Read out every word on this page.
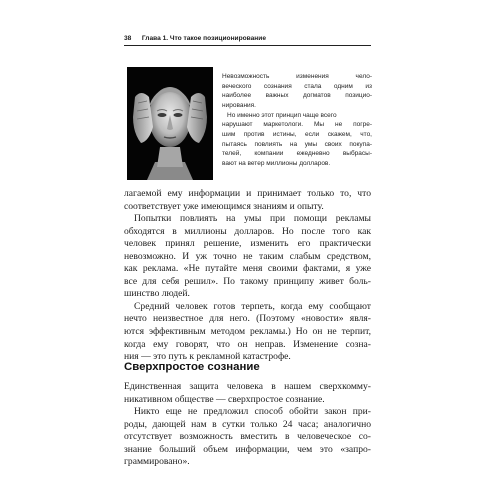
38 Глава 1. Что такое позиционирование

Невозможность изменения чело-
веческого сознания стала одним из
наиболее важных догматов позицио-
нирования.

Но именно этот принцип чаще всего
нарушают маркетологи. Мы не погре-
шим против истины, если скажем, что,
пытаясь повлиять на умы своих покупа-
телей, компании ежедневно выбрасы-
вают на ветер миллионы долларов.

лагаемой ему информации и принимает только то, что
соответствует уже имеющимся знаниям и опыту.
Попытки повлиять на умы при помощи рекламы
обходятся в миллионы долларов. Но после того как
человек принял решение, изменить его практически
невозможно. И уж точно не таким слабым средством,
как реклама. «Не путайте меня своими фактами, я уже
все для себя решил». По такому принципу живет боль-
шинство людей.
Средний человек готов терпеть, когда ему сообщают
нечто неизвестное для него. (Поэтому «новости» явля-
ются эффективным методом рекламы.) Но он не терпит,
когда ему говорят, что он неправ. Изменение созна-
ния — это путь к рекламной катастрофе.
Сверхпростое сознание
Единственная защита человека в нашем сверхкомму-
никативном обществе — сверхпростое сознание.
Никто еще не предложил способ обойти закон при-
роды, дающей нам в сутки только 24 часа; аналогично
отсутствует возможность вместить в человеческое со-
знание больший объем информации, чем это «запро-
граммировано».
